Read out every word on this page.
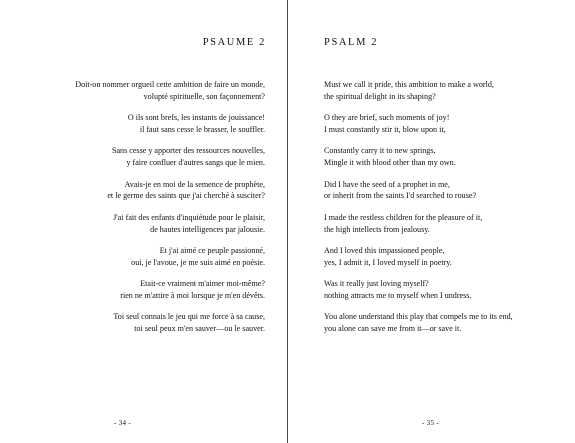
PSAUME 2
Doit-on nommer orgueil cette ambition de faire un monde,
volupté spirituelle, son façonnement?
O ils sont brefs, les instants de jouissance!
il faut sans cesse le brasser, le souffler.
Sans cesse y apporter des ressources nouvelles,
y faire confluer d'autres sangs que le mien.
Avais-je en moi de la semence de prophète,
et le germe des saints que j'ai cherché à susciter?
J'ai fait des enfants d'inquiétude pour le plaisir,
de hautes intelligences par jalousie.
Et j'ai aimé ce peuple passionné,
oui, je l'avoue, je me suis aimé en poésie.
Etait-ce vraiment m'aimer moi-même?
rien ne m'attire à moi lorsque je m'en dévêts.
Toi seul connais le jeu qui me force à sa cause,
toi seul peux m'en sauver—ou le sauver.
- 34 -
PSALM 2
Must we call it pride, this ambition to make a world,
the spiritual delight in its shaping?
O they are brief, such moments of joy!
I must constantly stir it, blow upon it,
Constantly carry it to new springs,
Mingle it with blood other than my own.
Did I have the seed of a prophet in me,
or inherit from the saints I'd searched to rouse?
I made the restless children for the pleasure of it,
the high intellects from jealousy.
And I loved this impassioned people,
yes, I admit it, I loved myself in poetry.
Was it really just loving myself?
nothing attracts me to myself when I undress.
You alone understand this play that compels me to its end,
you alone can save me from it—or save it.
- 35 -
